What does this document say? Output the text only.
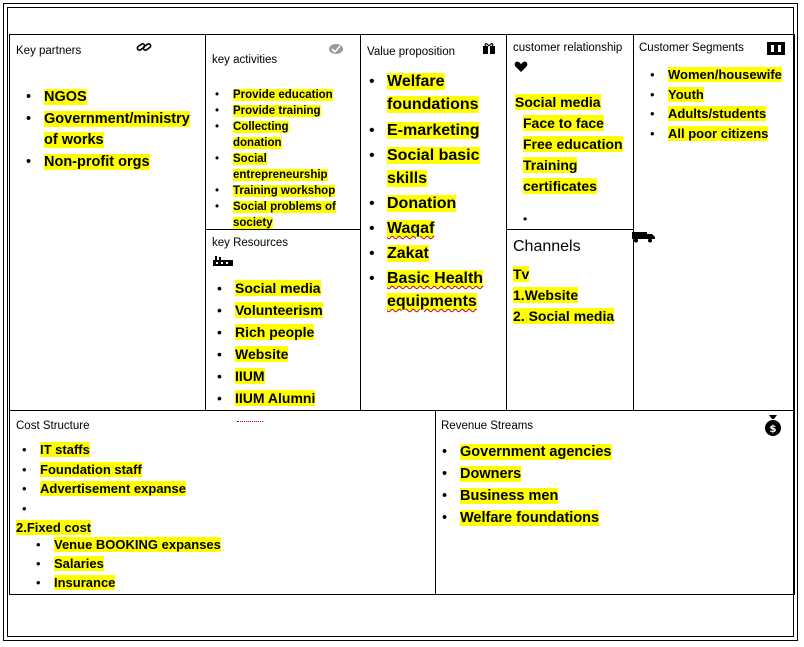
Key partners
• NGOS
• Government/ministry of works
• Non-profit orgs
key activities
• Provide education
• Provide training
• Collecting donation
• Social entrepreneurship
• Training workshop
• Social problems of society
key Resources
• Social media
• Volunteerism
• Rich people
• Website
• IIUM
• IIUM Alumni
Value proposition
• Welfare foundations
• E-marketing
• Social basic skills
• Donation
• Waqaf
• Zakat
• Basic Health equipments
customer relationship
Social media
Face to face
Free education
Training certificates
•
Channels
Tv
1.Website
2. Social media
Customer Segments
• Women/housewife
• Youth
• Adults/students
• All poor citizens
Cost Structure
• IT staffs
• Foundation staff
• Advertisement expanse
•
2.Fixed cost
• Venue BOOKING expanses
• Salaries
• Insurance
Revenue Streams	$
• Government agencies
• Downers
• Business men
• Welfare foundations
